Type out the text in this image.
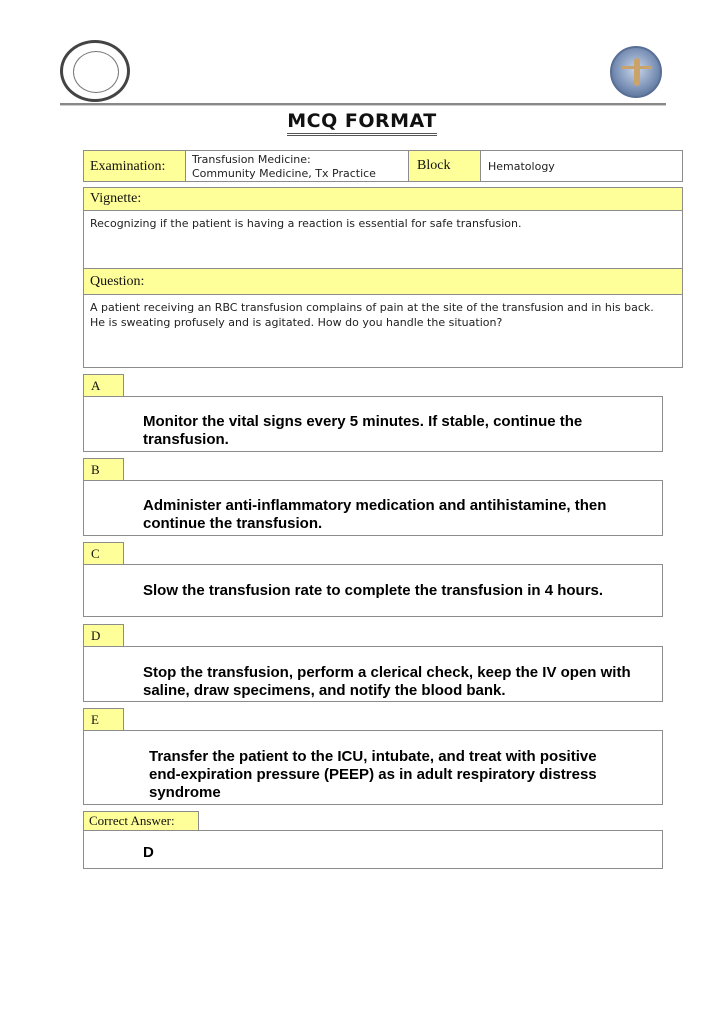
MCQ FORMAT
Examination: Transfusion Medicine:
Community Medicine, Tx Practice
Block	Hematology
Vignette:
Recognizing if the patient is having a reaction is essential for safe transfusion.
Question:
A patient receiving an RBC transfusion complains of pain at the site of the transfusion and in his back.
He is sweating profusely and is agitated. How do you handle the situation?
A
Monitor the vital signs every 5 minutes. If stable, continue the
transfusion.
B
Administer anti-inflammatory medication and antihistamine, then
continue the transfusion.
C
Slow the transfusion rate to complete the transfusion in 4 hours.
D
Stop the transfusion, perform a clerical check, keep the IV open with
saline, draw specimens, and notify the blood bank.
E
Transfer the patient to the ICU, intubate, and treat with positive
end-expiration pressure (PEEP) as in adult respiratory distress
syndrome
Correct Answer:
D
